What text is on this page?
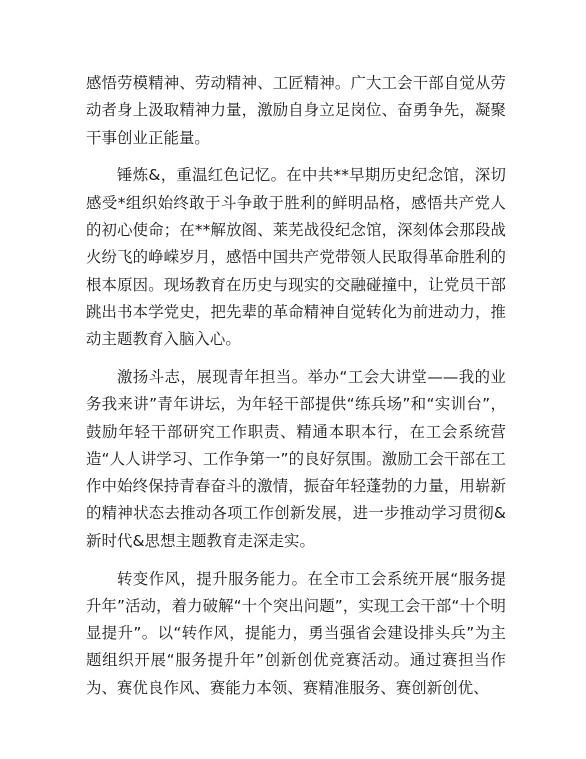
感悟劳模精神、劳动精神、工匠精神。广大工会干部自觉从劳动者身上汲取精神力量，激励自身立足岗位、奋勇争先，凝聚干事创业正能量。

锤炼&，重温红色记忆。在中共**早期历史纪念馆，深切感受*组织始终敢于斗争敢于胜利的鲜明品格，感悟共产党人的初心使命；在**解放阁、莱芜战役纪念馆，深刻体会那段战火纷飞的峥嵘岁月，感悟中国共产党带领人民取得革命胜利的根本原因。现场教育在历史与现实的交融碰撞中，让党员干部跳出书本学党史，把先辈的革命精神自觉转化为前进动力，推动主题教育入脑入心。

激扬斗志，展现青年担当。举办“工会大讲堂——我的业务我来讲”青年讲坛，为年轻干部提供“练兵场”和“实训台”，鼓励年轻干部研究工作职责、精通本职本行，在工会系统营造“人人讲学习、工作争第一”的良好氛围。激励工会干部在工作中始终保持青春奋斗的激情，振奋年轻蓬勃的力量，用崭新的精神状态去推动各项工作创新发展，进一步推动学习贯彻&新时代&思想主题教育走深走实。

转变作风，提升服务能力。在全市工会系统开展“服务提升年”活动，着力破解“十个突出问题”，实现工会干部“十个明显提升”。以“转作风，提能力，勇当强省会建设排头兵”为主题组织开展“服务提升年”创新创优竞赛活动。通过赛担当作为、赛优良作风、赛能力本领、赛精准服务、赛创新创优、
